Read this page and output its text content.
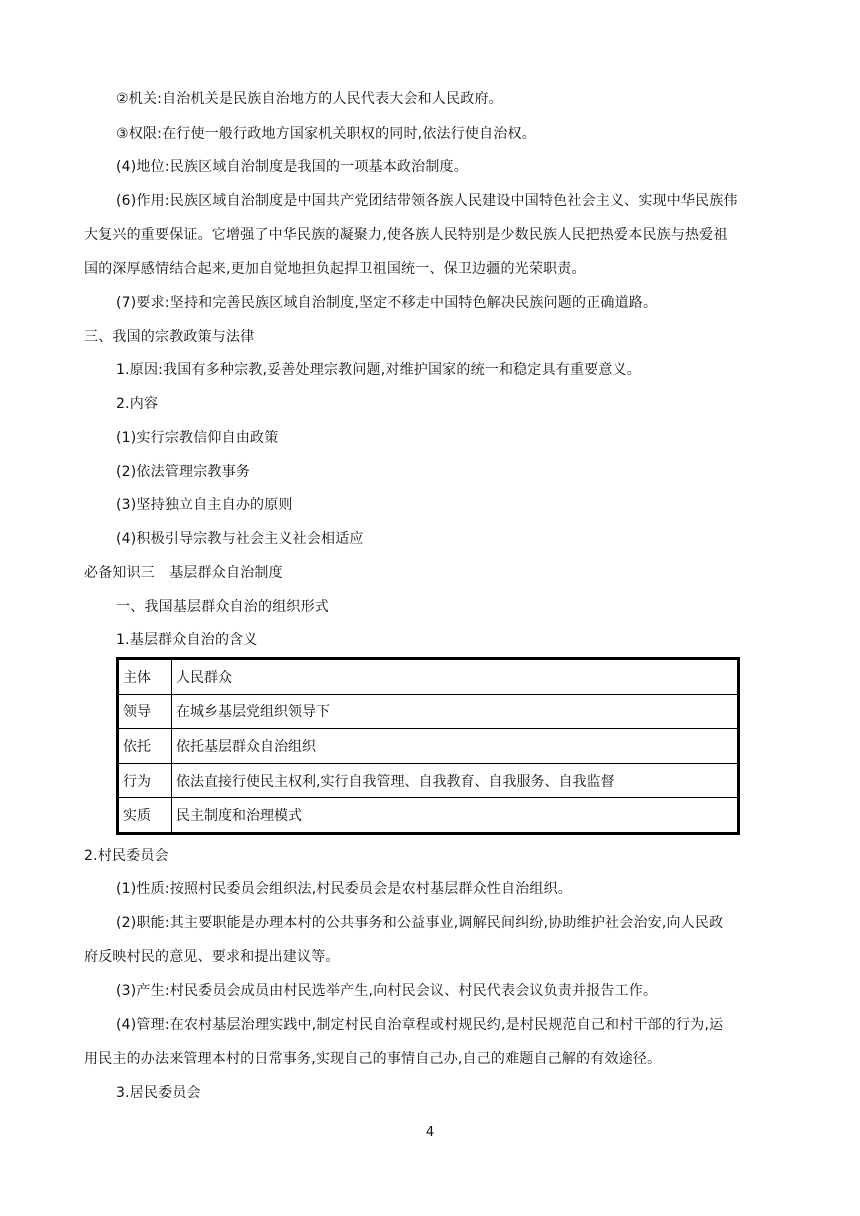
②机关:自治机关是民族自治地方的人民代表大会和人民政府。
③权限:在行使一般行政地方国家机关职权的同时,依法行使自治权。
(4)地位:民族区域自治制度是我国的一项基本政治制度。
(6)作用:民族区域自治制度是中国共产党团结带领各族人民建设中国特色社会主义、实现中华民族伟
大复兴的重要保证。它增强了中华民族的凝聚力,使各族人民特别是少数民族人民把热爱本民族与热爱祖
国的深厚感情结合起来,更加自觉地担负起捍卫祖国统一、保卫边疆的光荣职责。
(7)要求:坚持和完善民族区域自治制度,坚定不移走中国特色解决民族问题的正确道路。
三、我国的宗教政策与法律
1.原因:我国有多种宗教,妥善处理宗教问题,对维护国家的统一和稳定具有重要意义。
2.内容
(1)实行宗教信仰自由政策
(2)依法管理宗教事务
(3)坚持独立自主自办的原则
(4)积极引导宗教与社会主义社会相适应
必备知识三　基层群众自治制度
一、我国基层群众自治的组织形式
1.基层群众自治的含义
主体	人民群众
领导	在城乡基层党组织领导下
依托	依托基层群众自治组织
行为	依法直接行使民主权利,实行自我管理、自我教育、自我服务、自我监督
实质	民主制度和治理模式
2.村民委员会
(1)性质:按照村民委员会组织法,村民委员会是农村基层群众性自治组织。
(2)职能:其主要职能是办理本村的公共事务和公益事业,调解民间纠纷,协助维护社会治安,向人民政
府反映村民的意见、要求和提出建议等。
(3)产生:村民委员会成员由村民选举产生,向村民会议、村民代表会议负责并报告工作。
(4)管理:在农村基层治理实践中,制定村民自治章程或村规民约,是村民规范自己和村干部的行为,运
用民主的办法来管理本村的日常事务,实现自己的事情自己办,自己的难题自己解的有效途径。
3.居民委员会
4
